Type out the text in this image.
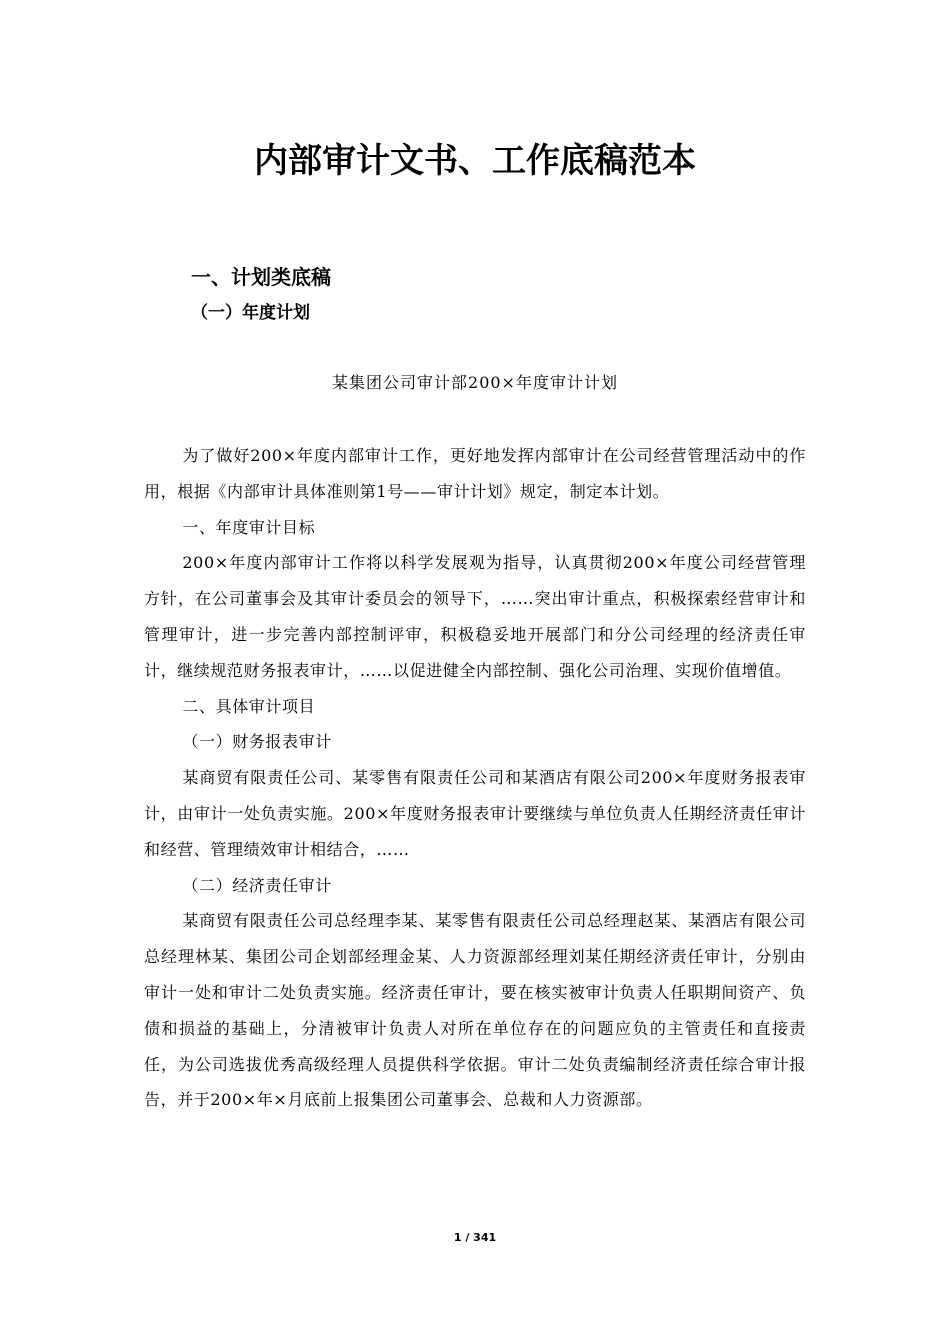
内部审计文书、工作底稿范本
一、计划类底稿
（一）年度计划
某集团公司审计部200×年度审计计划

为了做好200×年度内部审计工作，更好地发挥内部审计在公司经营管理活动中的作用，根据《内部审计具体准则第1号——审计计划》规定，制定本计划。

一、年度审计目标

200×年度内部审计工作将以科学发展观为指导，认真贯彻200×年度公司经营管理方针，在公司董事会及其审计委员会的领导下，……突出审计重点，积极探索经营审计和管理审计，进一步完善内部控制评审，积极稳妥地开展部门和分公司经理的经济责任审计，继续规范财务报表审计，……以促进健全内部控制、强化公司治理、实现价值增值。

二、具体审计项目

（一）财务报表审计

某商贸有限责任公司、某零售有限责任公司和某酒店有限公司200×年度财务报表审计，由审计一处负责实施。200×年度财务报表审计要继续与单位负责人任期经济责任审计和经营、管理绩效审计相结合，……

（二）经济责任审计

某商贸有限责任公司总经理李某、某零售有限责任公司总经理赵某、某酒店有限公司总经理林某、集团公司企划部经理金某、人力资源部经理刘某任期经济责任审计，分别由审计一处和审计二处负责实施。经济责任审计，要在核实被审计负责人任职期间资产、负债和损益的基础上，分清被审计负责人对所在单位存在的问题应负的主管责任和直接责任，为公司选拔优秀高级经理人员提供科学依据。审计二处负责编制经济责任综合审计报告，并于200×年×月底前上报集团公司董事会、总裁和人力资源部。

1 / 341
